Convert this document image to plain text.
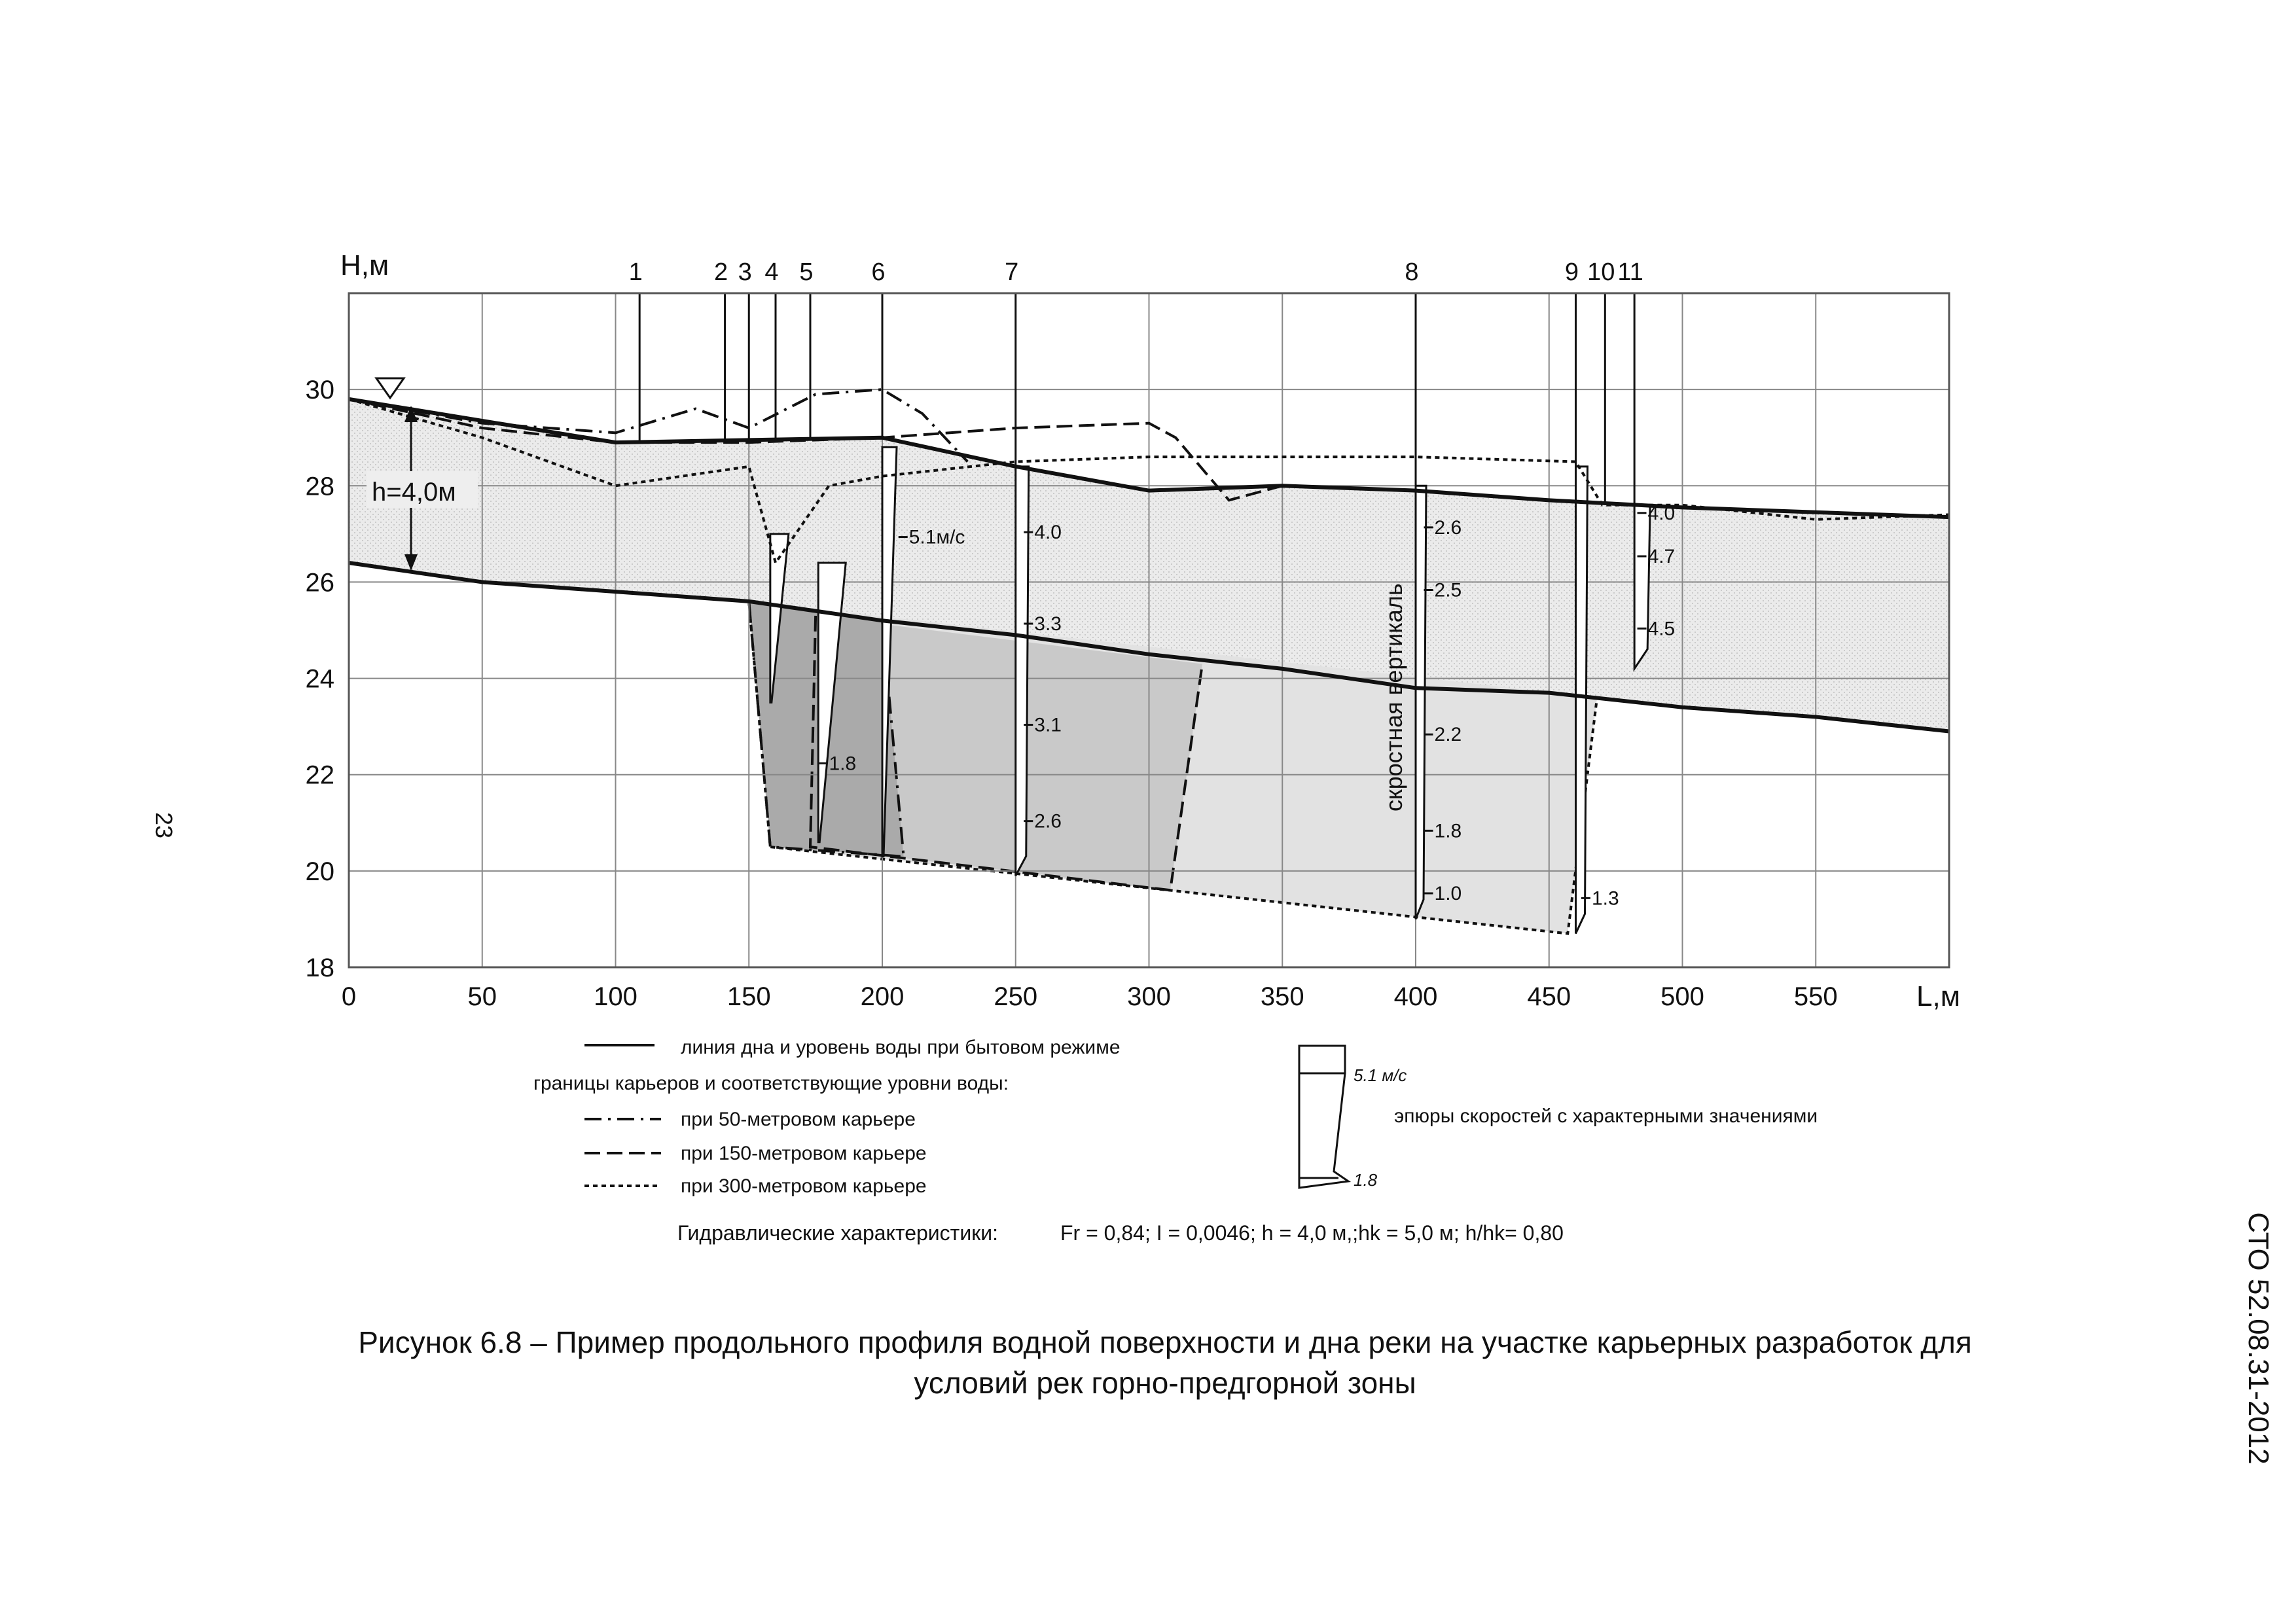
23
СТО 52.08.31-2012
1	2 3 4 5 6	7	8	9 10 11
5.1м/с	4.0
3.3
3.1
2.6
1.8
2.6
2.5
2.2
1.8
1.0	1.3
4.0
4.7
4.5
0	50	100	150	200	250	300	350	400	450	500	550
18
20
22
24
26
28
30
Н,м
L,м
h=4,0м
скростная вертикаль
линия дна и уровень воды при бытовом режиме
границы карьеров и соответствующие уровни воды:
при 50-метровом карьере
при 150-метровом карьере
при 300-метровом карьере
5.1 м/с
1.8
эпюры скоростей с характерными значениями
Гидравлические характеристики:	Fr = 0,84; I = 0,0046; h = 4,0 м,;hk = 5,0 м; h/hk= 0,80
Рисунок 6.8 – Пример продольного профиля водной поверхности и дна реки на участке карьерных разработок для
условий рек горно-предгорной зоны
